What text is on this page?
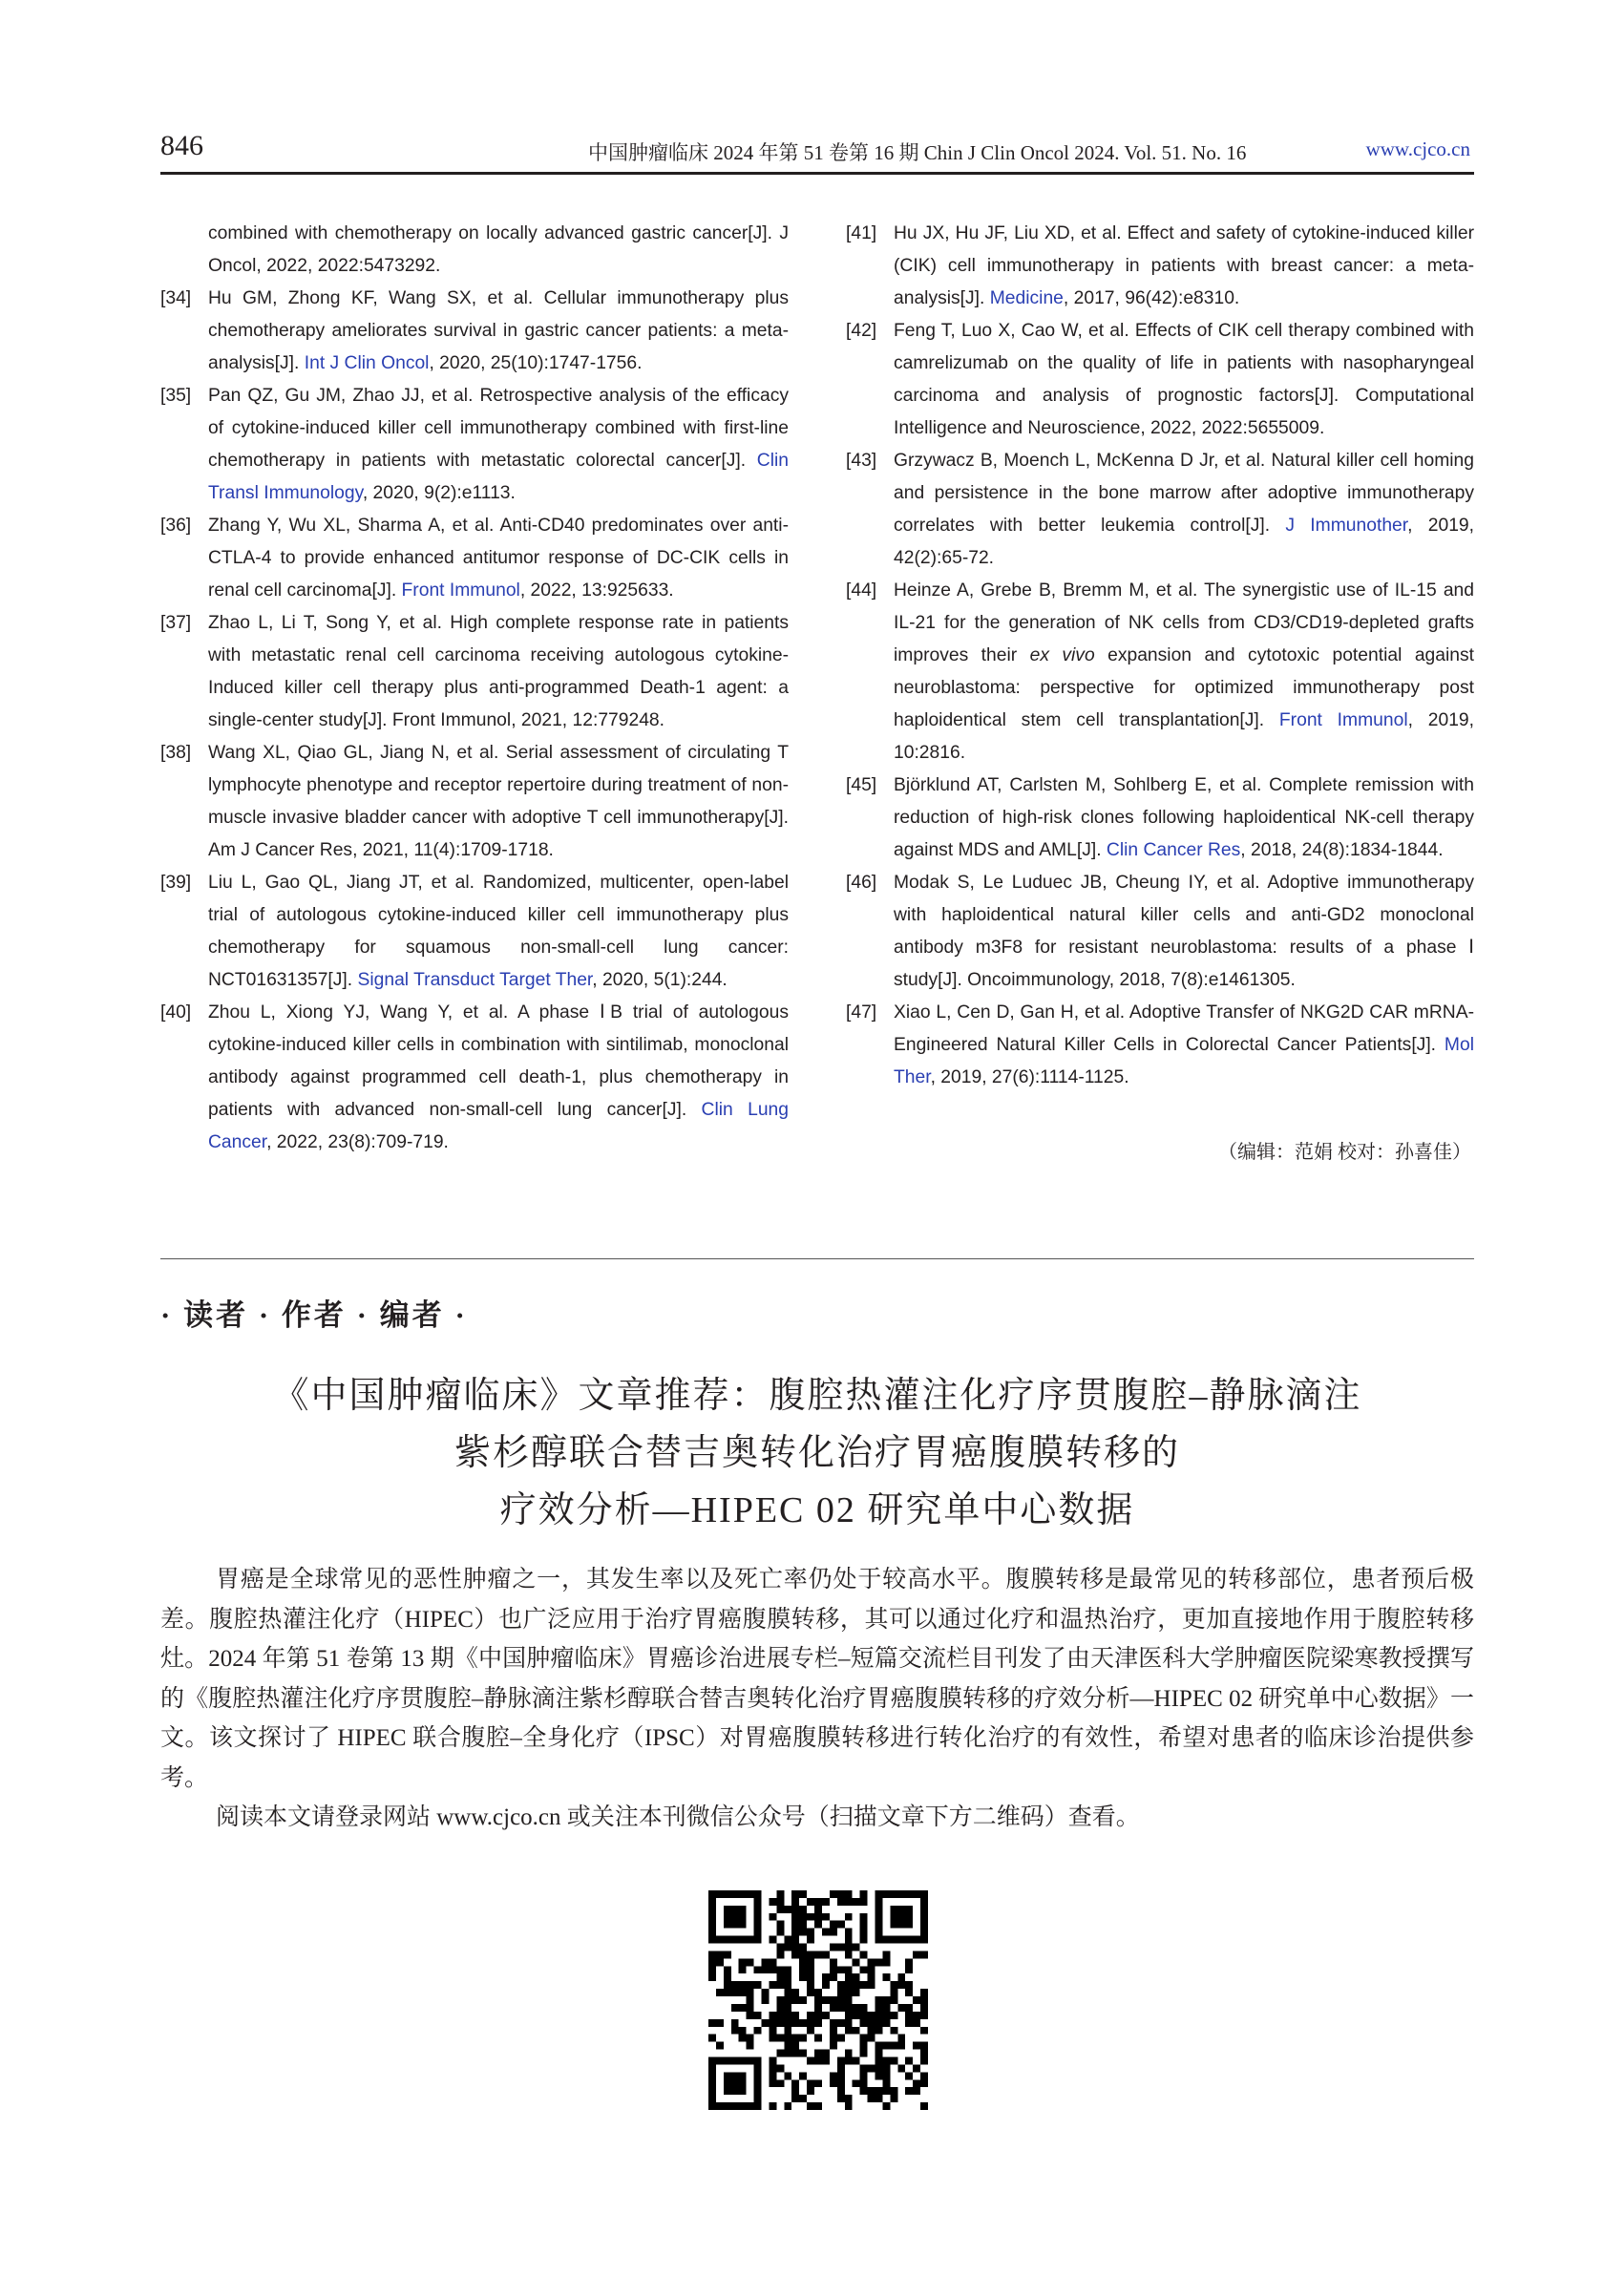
846	中国肿瘤临床 2024 年第 51 卷第 16 期 Chin J Clin Oncol 2024. Vol. 51. No. 16	www.cjco.cn

combined with chemotherapy on locally advanced gastric cancer[J]. J Oncol, 2022, 2022:5473292.

[34] Hu GM, Zhong KF, Wang SX, et al. Cellular immunotherapy plus chemotherapy ameliorates survival in gastric cancer patients: a meta-analysis[J]. Int J Clin Oncol, 2020, 25(10):1747-1756.

[35] Pan QZ, Gu JM, Zhao JJ, et al. Retrospective analysis of the efficacy of cytokine-induced killer cell immunotherapy combined with first-line chemotherapy in patients with metastatic colorectal cancer[J]. Clin Transl Immunology, 2020, 9(2):e1113.

[36] Zhang Y, Wu XL, Sharma A, et al. Anti-CD40 predominates over anti-CTLA-4 to provide enhanced antitumor response of DC-CIK cells in renal cell carcinoma[J]. Front Immunol, 2022, 13:925633.

[37] Zhao L, Li T, Song Y, et al. High complete response rate in patients with metastatic renal cell carcinoma receiving autologous cytokine-Induced killer cell therapy plus anti-programmed Death-1 agent: a single-center study[J]. Front Immunol, 2021, 12:779248.

[38] Wang XL, Qiao GL, Jiang N, et al. Serial assessment of circulating T lymphocyte phenotype and receptor repertoire during treatment of non-muscle invasive bladder cancer with adoptive T cell immunotherapy[J]. Am J Cancer Res, 2021, 11(4):1709-1718.

[39] Liu L, Gao QL, Jiang JT, et al. Randomized, multicenter, open-label trial of autologous cytokine-induced killer cell immunotherapy plus chemotherapy for squamous non-small-cell lung cancer: NCT01631357[J]. Signal Transduct Target Ther, 2020, 5(1):244.

[40] Zhou L, Xiong YJ, Wang Y, et al. A phase ⅠB trial of autologous cytokine-induced killer cells in combination with sintilimab, monoclonal antibody against programmed cell death-1, plus chemotherapy in patients with advanced non-small-cell lung cancer[J]. Clin Lung Cancer, 2022, 23(8):709-719.

[41] Hu JX, Hu JF, Liu XD, et al. Effect and safety of cytokine-induced killer (CIK) cell immunotherapy in patients with breast cancer: a meta-analysis[J]. Medicine, 2017, 96(42):e8310.

[42] Feng T, Luo X, Cao W, et al. Effects of CIK cell therapy combined with camrelizumab on the quality of life in patients with nasopharyngeal carcinoma and analysis of prognostic factors[J]. Computational Intelligence and Neuroscience, 2022, 2022:5655009.

[43] Grzywacz B, Moench L, McKenna D Jr, et al. Natural killer cell homing and persistence in the bone marrow after adoptive immunotherapy correlates with better leukemia control[J]. J Immunother, 2019, 42(2):65-72.

[44] Heinze A, Grebe B, Bremm M, et al. The synergistic use of IL-15 and IL-21 for the generation of NK cells from CD3/CD19-depleted grafts improves their ex vivo expansion and cytotoxic potential against neuroblastoma: perspective for optimized immunotherapy post haploidentical stem cell transplantation[J]. Front Immunol, 2019, 10:2816.

[45] Björklund AT, Carlsten M, Sohlberg E, et al. Complete remission with reduction of high-risk clones following haploidentical NK-cell therapy against MDS and AML[J]. Clin Cancer Res, 2018, 24(8):1834-1844.

[46] Modak S, Le Luduec JB, Cheung IY, et al. Adoptive immunotherapy with haploidentical natural killer cells and anti-GD2 monoclonal antibody m3F8 for resistant neuroblastoma: results of a phase Ⅰ study[J]. Oncoimmunology, 2018, 7(8):e1461305.

[47] Xiao L, Cen D, Gan H, et al. Adoptive Transfer of NKG2D CAR mRNA-Engineered Natural Killer Cells in Colorectal Cancer Patients[J]. Mol Ther, 2019, 27(6):1114-1125.

（编辑：范娟 校对：孙喜佳）
· 读者 · 作者 · 编者 ·
《中国肿瘤临床》文章推荐：腹腔热灌注化疗序贯腹腔–静脉滴注
紫杉醇联合替吉奥转化治疗胃癌腹膜转移的
疗效分析—HIPEC 02 研究单中心数据

胃癌是全球常见的恶性肿瘤之一，其发生率以及死亡率仍处于较高水平。腹膜转移是最常见的转移部位，患者预后极差。腹腔热灌注化疗（HIPEC）也广泛应用于治疗胃癌腹膜转移，其可以通过化疗和温热治疗，更加直接地作用于腹腔转移灶。2024 年第 51 卷第 13 期《中国肿瘤临床》胃癌诊治进展专栏–短篇交流栏目刊发了由天津医科大学肿瘤医院梁寒教授撰写的《腹腔热灌注化疗序贯腹腔–静脉滴注紫杉醇联合替吉奥转化治疗胃癌腹膜转移的疗效分析—HIPEC 02 研究单中心数据》一文。该文探讨了 HIPEC 联合腹腔–全身化疗（IPSC）对胃癌腹膜转移进行转化治疗的有效性，希望对患者的临床诊治提供参考。

阅读本文请登录网站 www.cjco.cn 或关注本刊微信公众号（扫描文章下方二维码）查看。
